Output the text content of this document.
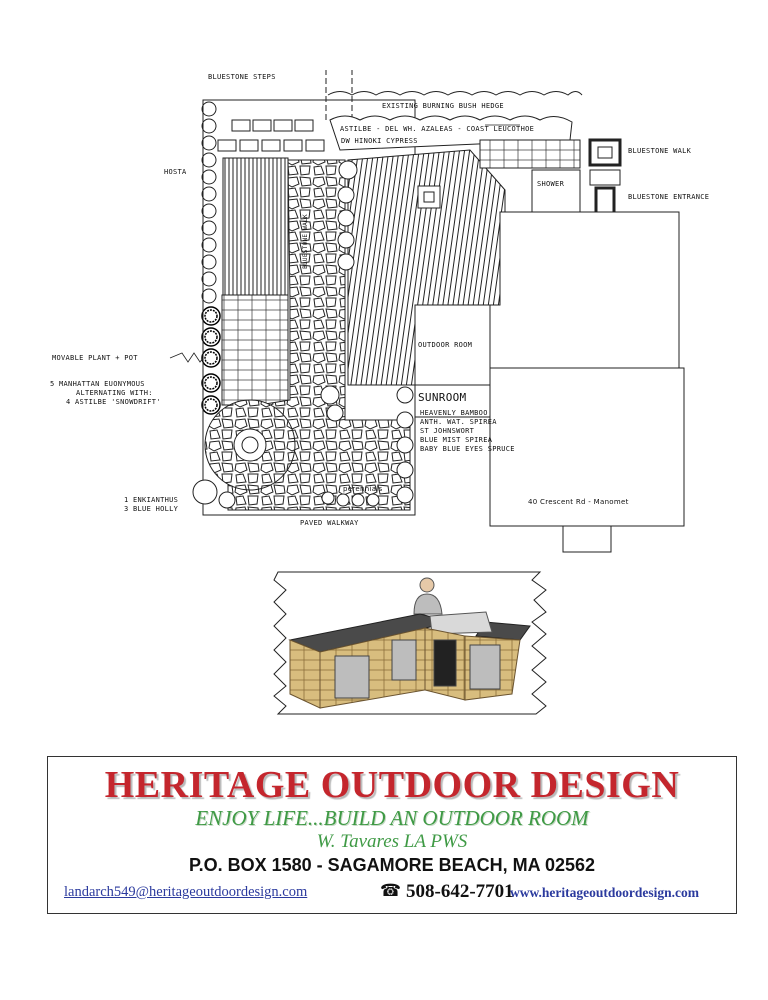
BLUESTONE STEPS
EXISTING BURNING BUSH HEDGE
ASTILBE - DEL WH. AZALEAS - COAST LEUCOTHOE
DW HINOKI CYPRESS
BLUESTONE WALK
SHOWER
BLUESTONE ENTRANCE
HOSTA
BLUESTONE WALK
OUTDOOR ROOM
SUNROOM
MOVABLE PLANT + POT
5 MANHATTAN EUONYMOUS
ALTERNATING WITH:
4 ASTILBE 'SNOWDRIFT'
HEAVENLY BAMBOO
ANTH. WAT. SPIREA
ST JOHNSWORT
BLUE MIST SPIREA
BABY BLUE EYES SPRUCE
perennials
1 ENKIANTHUS
3 BLUE HOLLY
PAVED WALKWAY
40 Crescent Rd - Manomet
HERITAGE OUTDOOR DESIGN
ENJOY LIFE...BUILD AN OUTDOOR ROOM
W. Tavares LA PWS
P.O. BOX 1580 - SAGAMORE BEACH, MA 02562
landarch549@heritageoutdoordesign.com	☎ 508-642-7701
www.heritageoutdoordesign.com
